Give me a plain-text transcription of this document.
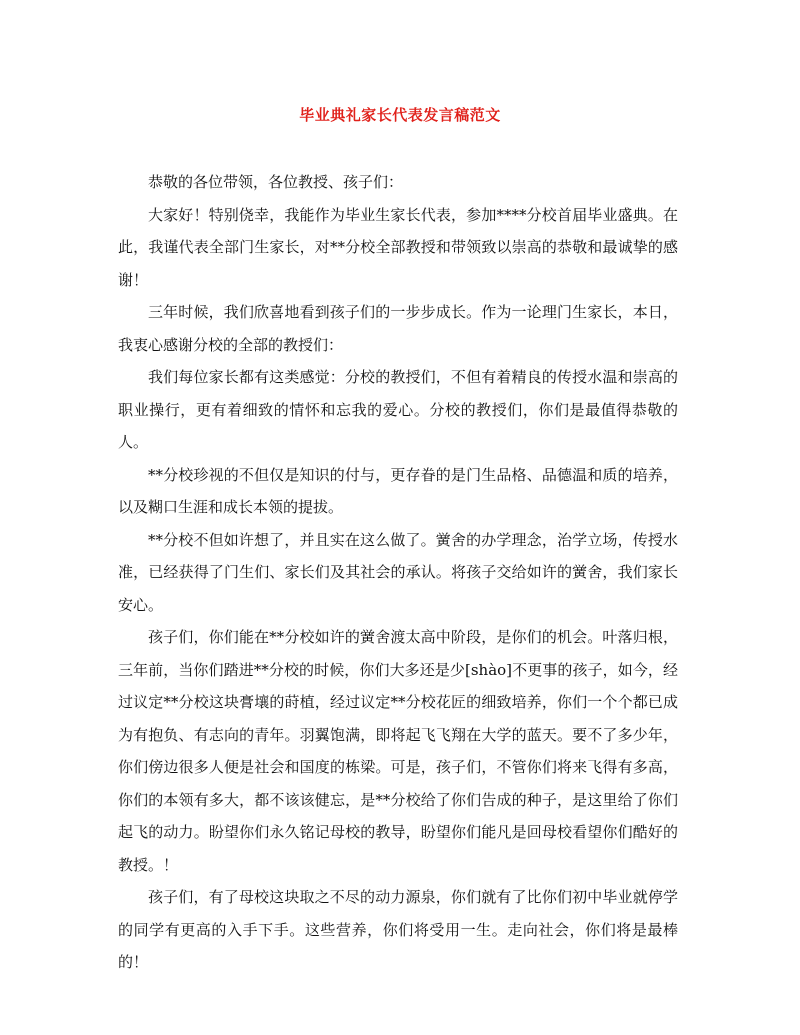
毕业典礼家长代表发言稿范文

恭敬的各位带领，各位教授、孩子们：

大家好！特别侥幸，我能作为毕业生家长代表，参加****分校首届毕业盛典。在此，我谨代表全部门生家长，对**分校全部教授和带领致以崇高的恭敬和最诚挚的感谢！

三年时候，我们欣喜地看到孩子们的一步步成长。作为一论理门生家长，本日，我衷心感谢分校的全部的教授们：

我们每位家长都有这类感觉：分校的教授们，不但有着精良的传授水温和崇高的职业操行，更有着细致的情怀和忘我的爱心。分校的教授们，你们是最值得恭敬的人。

**分校珍视的不但仅是知识的付与，更存眷的是门生品格、品德温和质的培养，以及糊口生涯和成长本领的提拔。

**分校不但如许想了，并且实在这么做了。黉舍的办学理念，治学立场，传授水准，已经获得了门生们、家长们及其社会的承认。将孩子交给如许的黉舍，我们家长安心。

孩子们，你们能在**分校如许的黉舍渡太高中阶段，是你们的机会。叶落归根，三年前，当你们踏进**分校的时候，你们大多还是少[shào]不更事的孩子，如今，经过议定**分校这块膏壤的莳植，经过议定**分校花匠的细致培养，你们一个个都已成为有抱负、有志向的青年。羽翼饱满，即将起飞飞翔在大学的蓝天。要不了多少年，你们傍边很多人便是社会和国度的栋梁。可是，孩子们，不管你们将来飞得有多高，你们的本领有多大，都不该该健忘，是**分校给了你们告成的种子，是这里给了你们起飞的动力。盼望你们永久铭记母校的教导，盼望你们能凡是回母校看望你们酷好的教授。！

孩子们，有了母校这块取之不尽的动力源泉，你们就有了比你们初中毕业就停学的同学有更高的入手下手。这些营养，你们将受用一生。走向社会，你们将是最棒的！
